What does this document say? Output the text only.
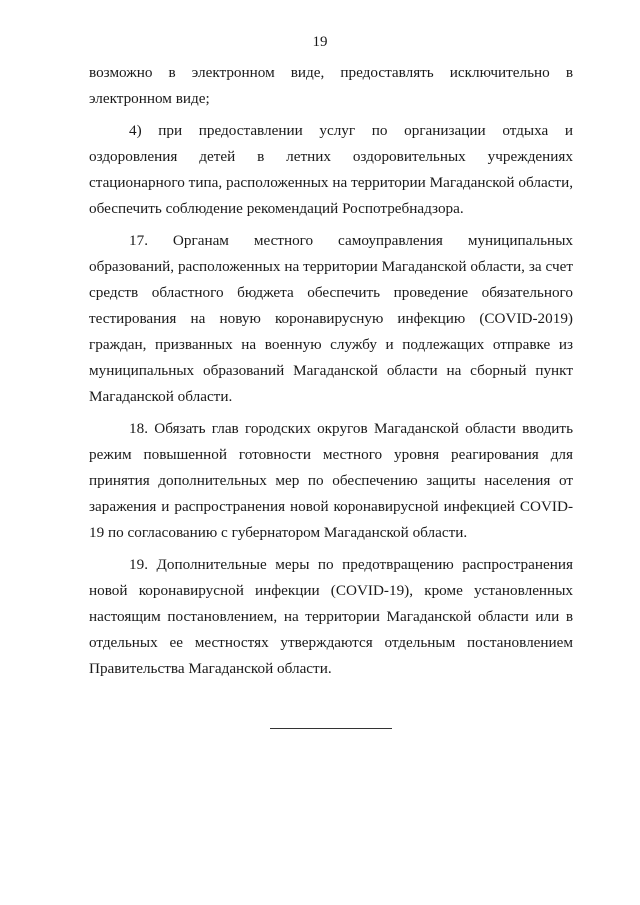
19

возможно в электронном виде, предоставлять исключительно в электронном виде;

4) при предоставлении услуг по организации отдыха и оздоровления детей в летних оздоровительных учреждениях стационарного типа, расположенных на территории Магаданской области, обеспечить соблюдение рекомендаций Роспотребнадзора.

17. Органам местного самоуправления муниципальных образований, расположенных на территории Магаданской области, за счет средств областного бюджета обеспечить проведение обязательного тестирования на новую коронавирусную инфекцию (COVID-2019) граждан, призванных на военную службу и подлежащих отправке из муниципальных образований Магаданской области на сборный пункт Магаданской области.

18. Обязать глав городских округов Магаданской области вводить режим повышенной готовности местного уровня реагирования для принятия дополнительных мер по обеспечению защиты населения от заражения и распространения новой коронавирусной инфекцией COVID-19 по согласованию с губернатором Магаданской области.

19. Дополнительные меры по предотвращению распространения новой коронавирусной инфекции (COVID-19), кроме установленных настоящим постановлением, на территории Магаданской области или в отдельных ее местностях утверждаются отдельным постановлением Правительства Магаданской области.
